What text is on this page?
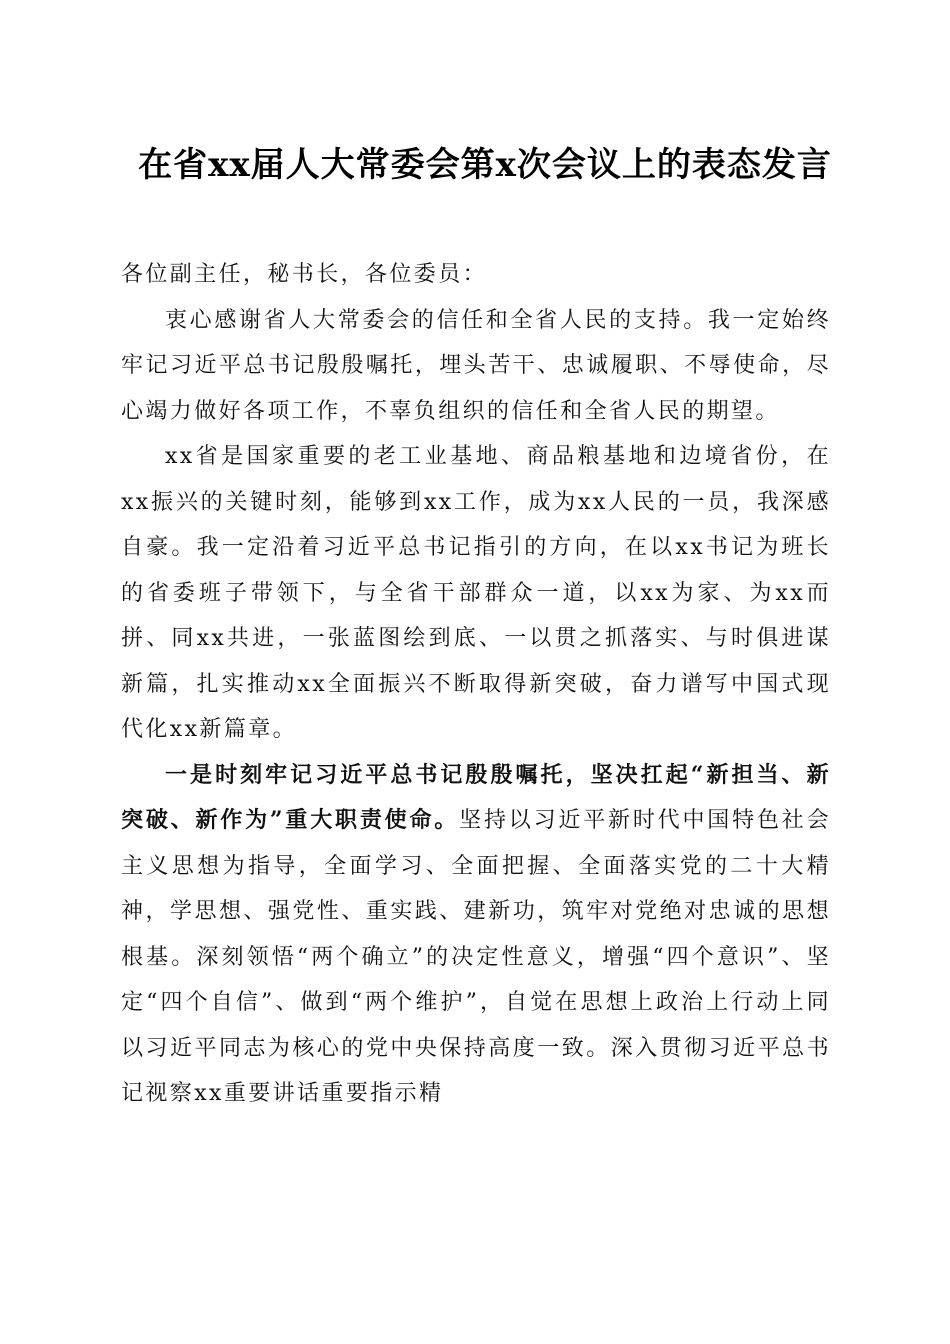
在省xx届人大常委会第x次会议上的表态发言

各位副主任，秘书长，各位委员：

衷心感谢省人大常委会的信任和全省人民的支持。我一定始终牢记习近平总书记殷殷嘱托，埋头苦干、忠诚履职、不辱使命，尽心竭力做好各项工作，不辜负组织的信任和全省人民的期望。

xx省是国家重要的老工业基地、商品粮基地和边境省份，在xx振兴的关键时刻，能够到xx工作，成为xx人民的一员，我深感自豪。我一定沿着习近平总书记指引的方向，在以xx书记为班长的省委班子带领下，与全省干部群众一道，以xx为家、为xx而拼、同xx共进，一张蓝图绘到底、一以贯之抓落实、与时俱进谋新篇，扎实推动xx全面振兴不断取得新突破，奋力谱写中国式现代化xx新篇章。

一是时刻牢记习近平总书记殷殷嘱托，坚决扛起“新担当、新突破、新作为”重大职责使命。坚持以习近平新时代中国特色社会主义思想为指导，全面学习、全面把握、全面落实党的二十大精神，学思想、强党性、重实践、建新功，筑牢对党绝对忠诚的思想根基。深刻领悟“两个确立”的决定性意义，增强“四个意识”、坚定“四个自信”、做到“两个维护”，自觉在思想上政治上行动上同以习近平同志为核心的党中央保持高度一致。深入贯彻习近平总书记视察xx重要讲话重要指示精
